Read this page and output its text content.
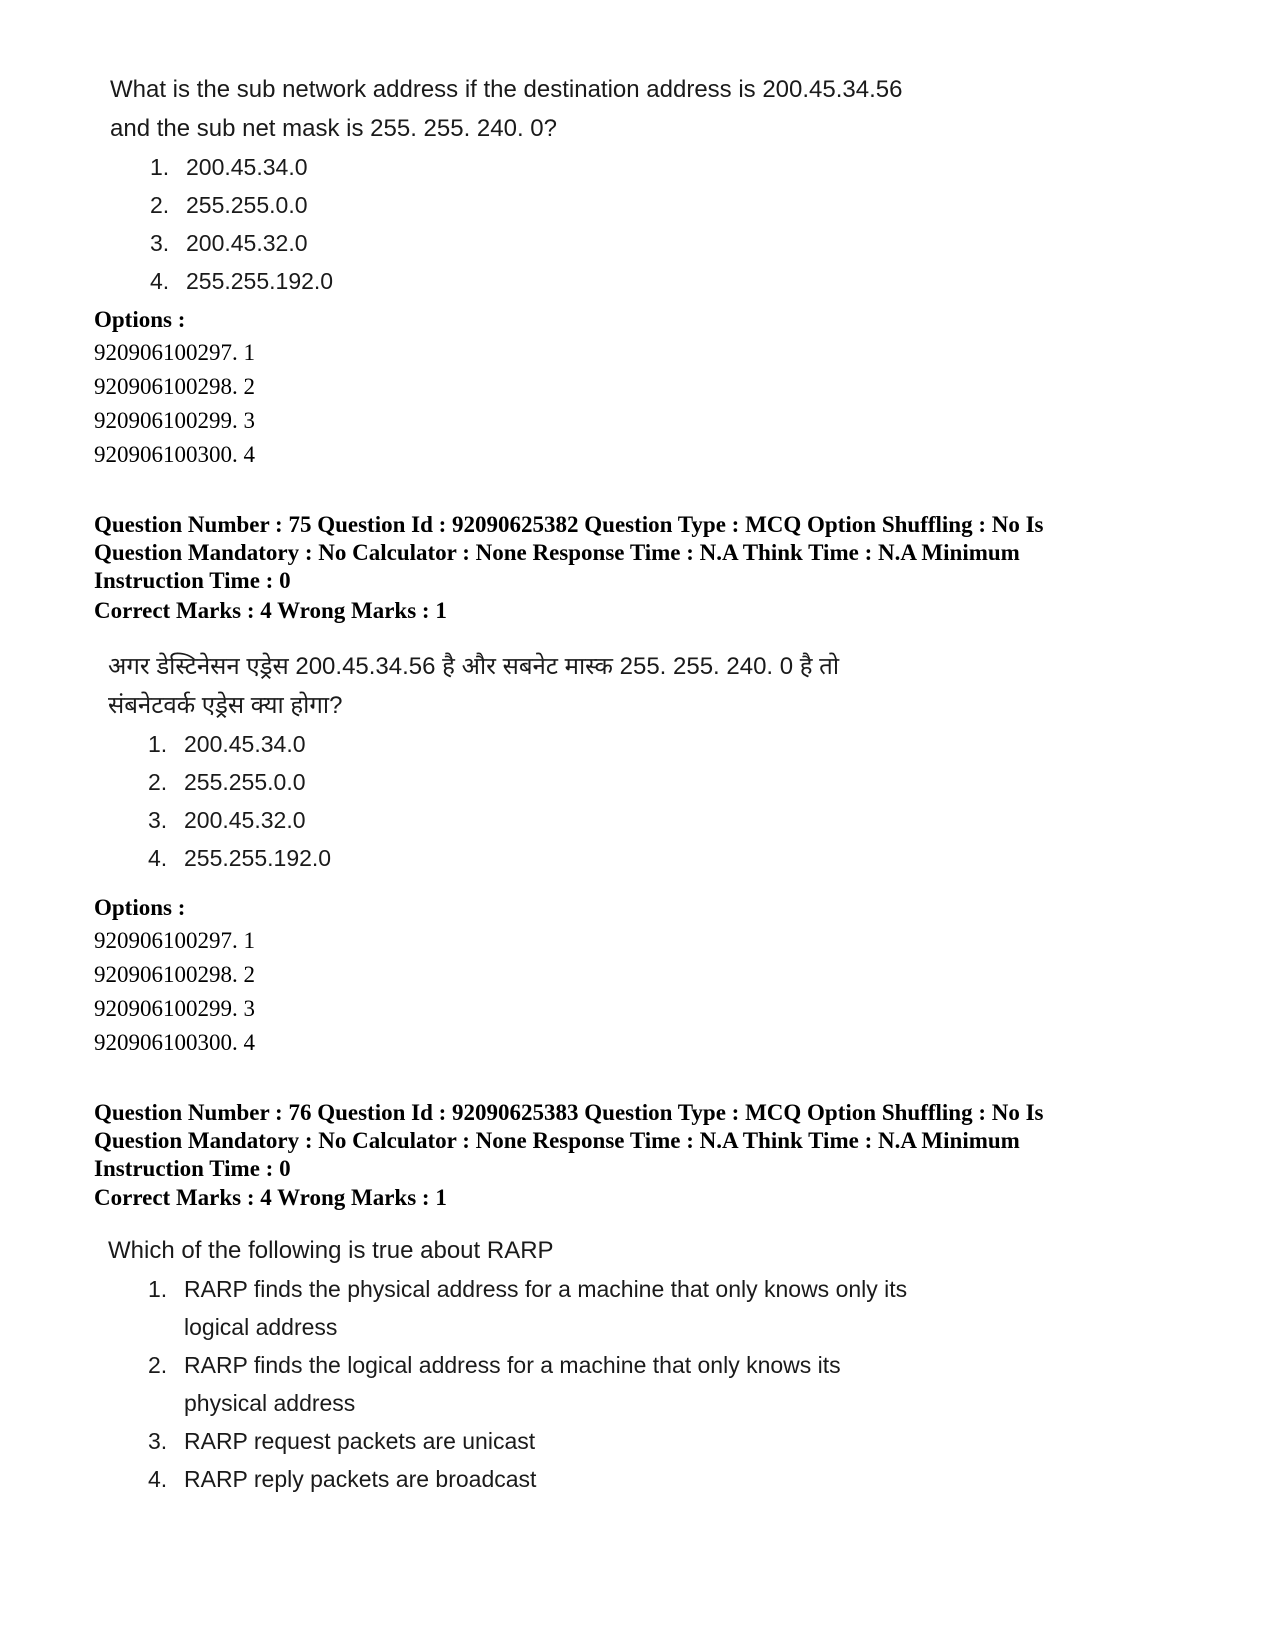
What is the sub network address if the destination address is 200.45.34.56
and the sub net mask is 255. 255. 240. 0?
1. 200.45.34.0
2. 255.255.0.0
3. 200.45.32.0
4. 255.255.192.0
Options :
920906100297. 1
920906100298. 2
920906100299. 3
920906100300. 4
Question Number : 75 Question Id : 92090625382 Question Type : MCQ Option Shuffling : No Is
Question Mandatory : No Calculator : None Response Time : N.A Think Time : N.A Minimum
Instruction Time : 0
Correct Marks : 4 Wrong Marks : 1
अगर डेस्टिनेसन एड्रेस 200.45.34.56 है और सबनेट मास्क 255. 255. 240. 0 है तो
संबनेटवर्क एड्रेस क्या होगा?
1. 200.45.34.0
2. 255.255.0.0
3. 200.45.32.0
4. 255.255.192.0
Options :
920906100297. 1
920906100298. 2
920906100299. 3
920906100300. 4
Question Number : 76 Question Id : 92090625383 Question Type : MCQ Option Shuffling : No Is
Question Mandatory : No Calculator : None Response Time : N.A Think Time : N.A Minimum
Instruction Time : 0
Correct Marks : 4 Wrong Marks : 1
Which of the following is true about RARP
1. RARP finds the physical address for a machine that only knows only its
logical address
2. RARP finds the logical address for a machine that only knows its
physical address
3. RARP request packets are unicast
4. RARP reply packets are broadcast
